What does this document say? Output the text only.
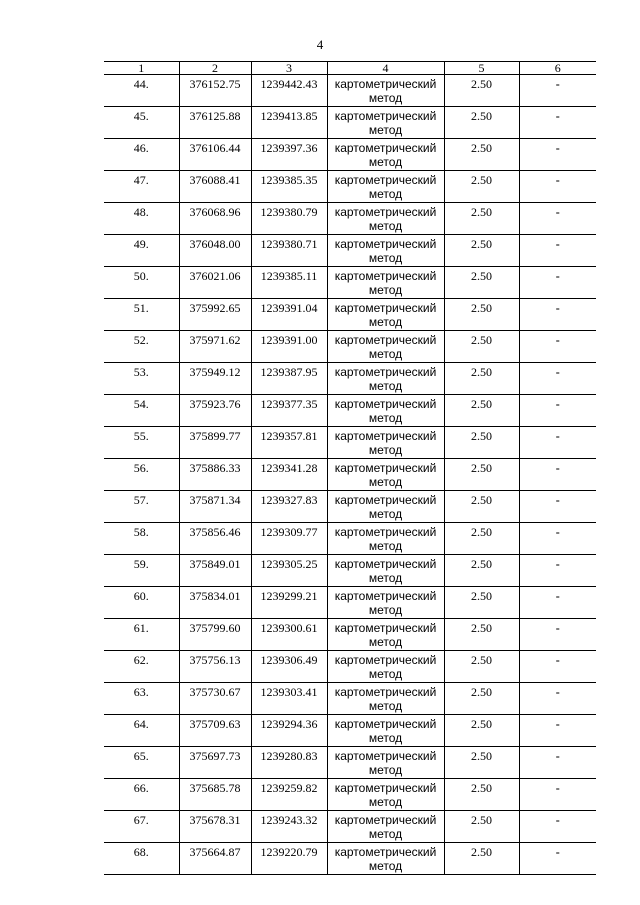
4
1	2	3	4	5	6
44.	376152.75	1239442.43	картометрический метод	2.50	-
45.	376125.88	1239413.85	картометрический метод	2.50	-
46.	376106.44	1239397.36	картометрический метод	2.50	-
47.	376088.41	1239385.35	картометрический метод	2.50	-
48.	376068.96	1239380.79	картометрический метод	2.50	-
49.	376048.00	1239380.71	картометрический метод	2.50	-
50.	376021.06	1239385.11	картометрический метод	2.50	-
51.	375992.65	1239391.04	картометрический метод	2.50	-
52.	375971.62	1239391.00	картометрический метод	2.50	-
53.	375949.12	1239387.95	картометрический метод	2.50	-
54.	375923.76	1239377.35	картометрический метод	2.50	-
55.	375899.77	1239357.81	картометрический метод	2.50	-
56.	375886.33	1239341.28	картометрический метод	2.50	-
57.	375871.34	1239327.83	картометрический метод	2.50	-
58.	375856.46	1239309.77	картометрический метод	2.50	-
59.	375849.01	1239305.25	картометрический метод	2.50	-
60.	375834.01	1239299.21	картометрический метод	2.50	-
61.	375799.60	1239300.61	картометрический метод	2.50	-
62.	375756.13	1239306.49	картометрический метод	2.50	-
63.	375730.67	1239303.41	картометрический метод	2.50	-
64.	375709.63	1239294.36	картометрический метод	2.50	-
65.	375697.73	1239280.83	картометрический метод	2.50	-
66.	375685.78	1239259.82	картометрический метод	2.50	-
67.	375678.31	1239243.32	картометрический метод	2.50	-
68.	375664.87	1239220.79	картометрический метод	2.50	-
